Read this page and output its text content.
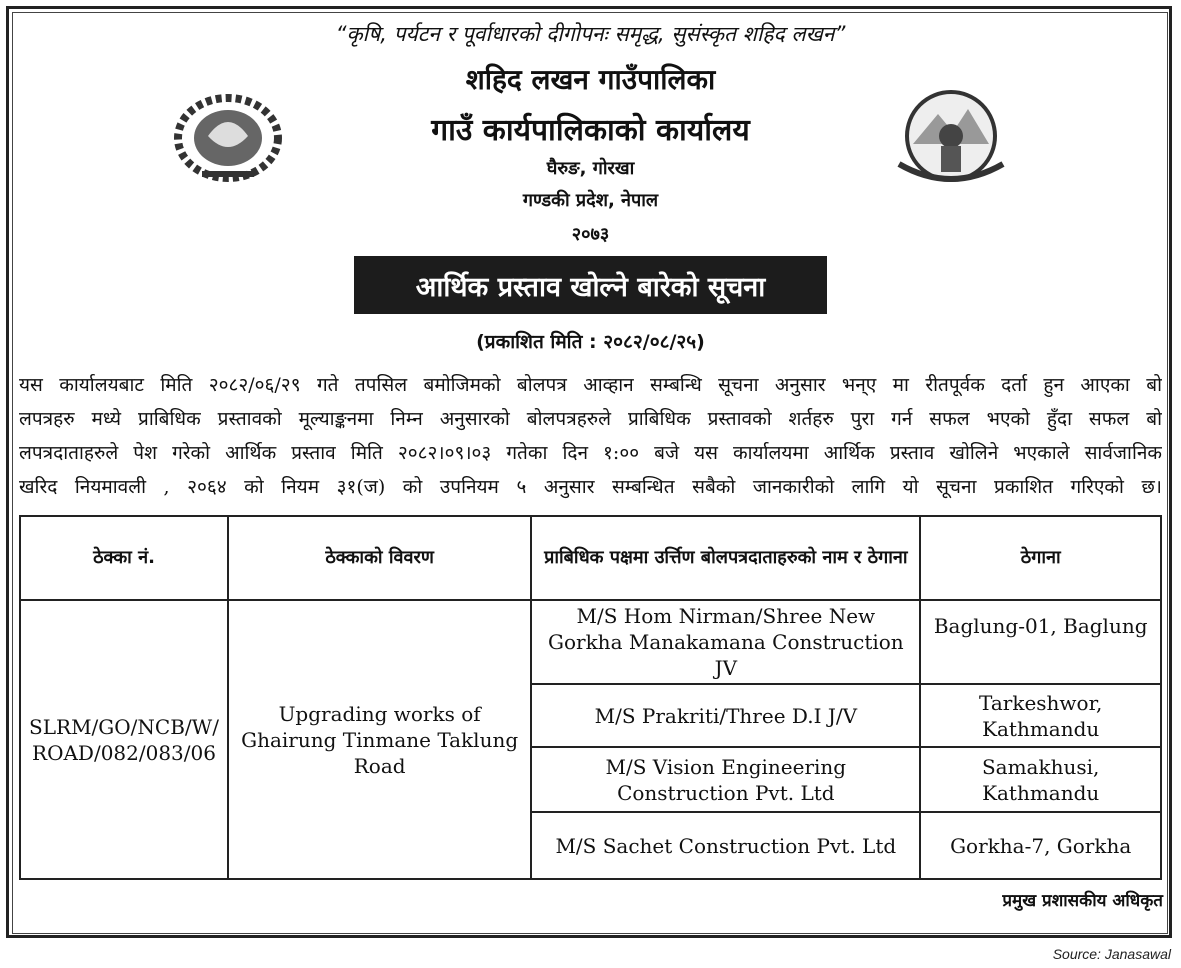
“कृषि, पर्यटन र पूर्वाधारको दीगोपनः समृद्ध, सुसंस्कृत शहिद लखन”
शहिद लखन गाउँपालिका
गाउँ कार्यपालिकाको कार्यालय
घैरुङ, गोरखा
गण्डकी प्रदेश, नेपाल
२०७३
आर्थिक प्रस्ताव खोल्ने बारेको सूचना
(प्रकाशित मिति : २०८२/०८/२५)
यस कार्यालयबाट मिति २०८२/०६/२९ गते तपसिल बमोजिमको बोलपत्र आव्हान सम्बन्धि सूचना अनुसार भन्ए मा रीतपूर्वक दर्ता हुन आएका बो
लपत्रहरु मध्ये प्राबिधिक प्रस्तावको मूल्याङ्कनमा निम्न अनुसारको बोलपत्रहरुले प्राबिधिक प्रस्तावको शर्तहरु पुरा गर्न सफल भएको हुँदा सफल बो
लपत्रदाताहरुले पेश गरेको आर्थिक प्रस्ताव मिति २०८२।०९।०३ गतेका दिन १:०० बजे यस कार्यालयमा आर्थिक प्रस्ताव खोलिने भएकाले सार्वजानिक
खरिद नियमावली , २०६४ को नियम ३१(ज) को उपनियम ५ अनुसार सम्बन्धित सबैको जानकारीको लागि यो सूचना प्रकाशित गरिएको छ।
ठेक्का नं.	ठेक्काको विवरण	प्राबिधिक पक्षमा उर्त्तिण बोलपत्रदाताहरुको नाम र ठेगाना	ठेगाना
SLRM/GO/NCB/W/ ROAD/082/083/06	Upgrading works of Ghairung Tinmane Taklung Road	M/S Hom Nirman/Shree New Gorkha Manakamana Construction JV	Baglung-01, Baglung
		M/S Prakriti/Three D.I J/V	Tarkeshwor, Kathmandu
		M/S Vision Engineering Construction Pvt. Ltd	Samakhusi, Kathmandu
		M/S Sachet Construction Pvt. Ltd	Gorkha-7, Gorkha
प्रमुख प्रशासकीय अधिकृत
Source: Janasawal
